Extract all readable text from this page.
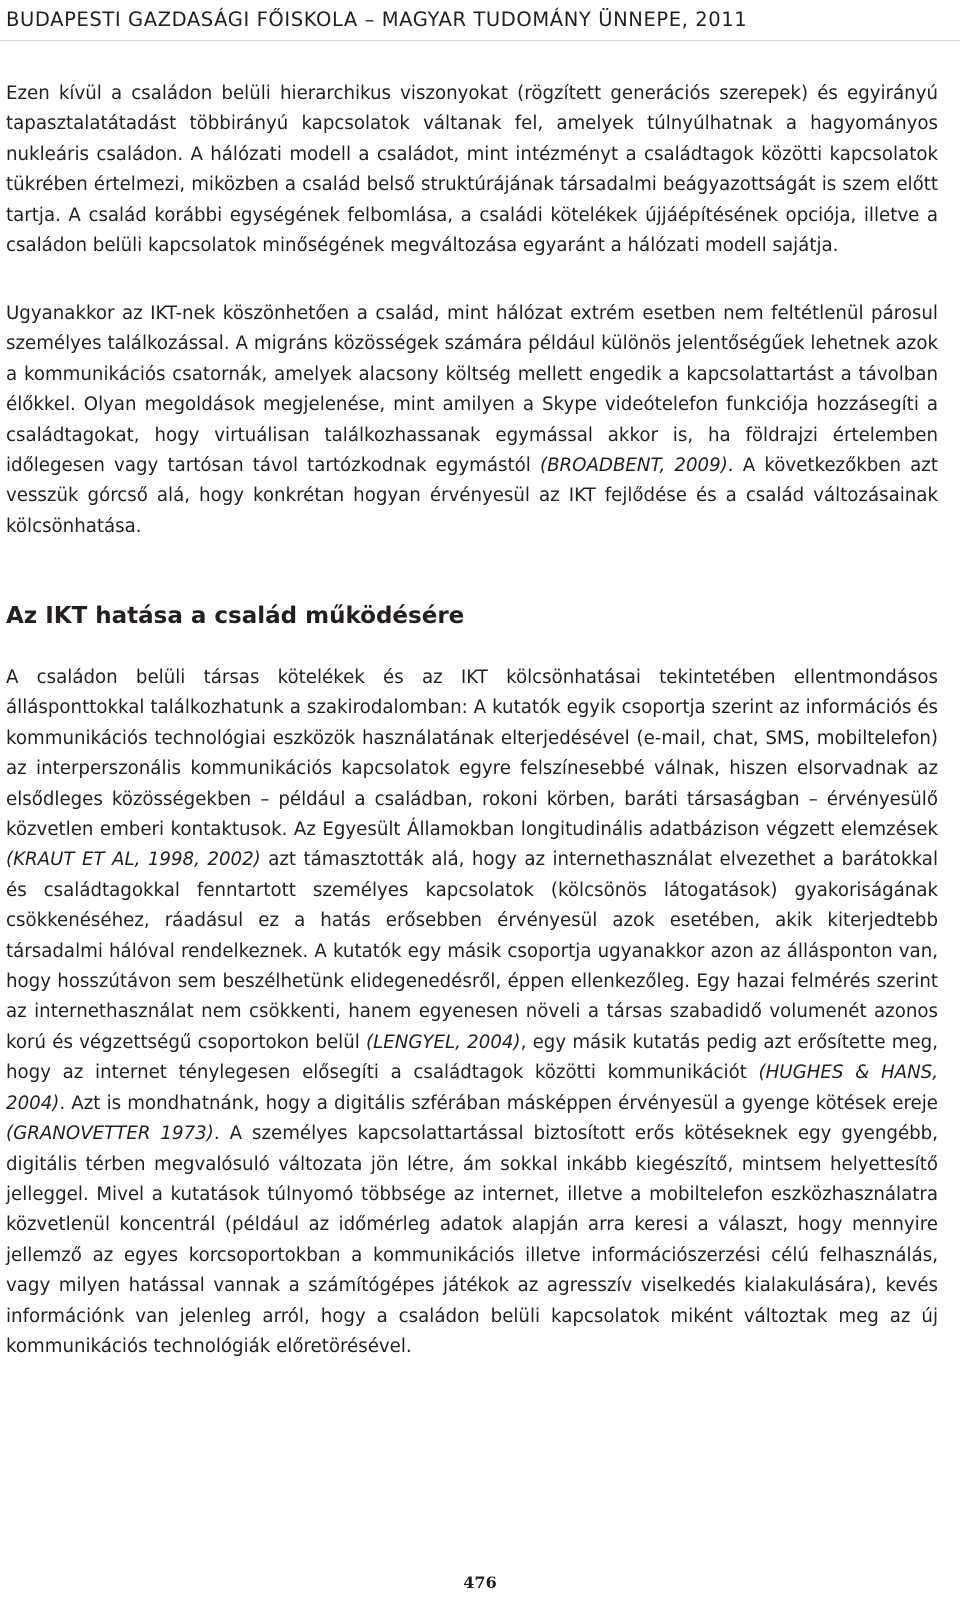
BUDAPESTI GAZDASÁGI FŐISKOLA – MAGYAR TUDOMÁNY ÜNNEPE, 2011

Ezen kívül a családon belüli hierarchikus viszonyokat (rögzített generációs szerepek) és egyirányú tapasztalatátadást többirányú kapcsolatok váltanak fel, amelyek túlnyúlhatnak a hagyományos nukleáris családon. A hálózati modell a családot, mint intézményt a családtagok közötti kapcsolatok tükrében értelmezi, miközben a család belső struktúrájának társadalmi beágyazottságát is szem előtt tartja. A család korábbi egységének felbomlása, a családi kötelékek újjáépítésének opciója, illetve a családon belüli kapcsolatok minőségének megváltozása egyaránt a hálózati modell sajátja.

Ugyanakkor az IKT-nek köszönhetően a család, mint hálózat extrém esetben nem feltétlenül párosul személyes találkozással. A migráns közösségek számára például különös jelentőségűek lehetnek azok a kommunikációs csatornák, amelyek alacsony költség mellett engedik a kapcsolattartást a távolban élőkkel. Olyan megoldások megjelenése, mint amilyen a Skype videótelefon funkciója hozzásegíti a családtagokat, hogy virtuálisan találkozhassanak egymással akkor is, ha földrajzi értelemben időlegesen vagy tartósan távol tartózkodnak egymástól (BROADBENT, 2009). A következőkben azt vesszük górcső alá, hogy konkrétan hogyan érvényesül az IKT fejlődése és a család változásainak kölcsönhatása.

Az IKT hatása a család működésére

A családon belüli társas kötelékek és az IKT kölcsönhatásai tekintetében ellentmondásos állásponttokkal találkozhatunk a szakirodalomban: A kutatók egyik csoportja szerint az információs és kommunikációs technológiai eszközök használatának elterjedésével (e-mail, chat, SMS, mobiltelefon) az interperszonális kommunikációs kapcsolatok egyre felszínesebbé válnak, hiszen elsorvadnak az elsődleges közösségekben – például a családban, rokoni körben, baráti társaságban – érvényesülő közvetlen emberi kontaktusok. Az Egyesült Államokban longitudinális adatbázison végzett elemzések (KRAUT ET AL, 1998, 2002) azt támasztották alá, hogy az internethasználat elvezethet a barátokkal és családtagokkal fenntartott személyes kapcsolatok (kölcsönös látogatások) gyakoriságának csökkenéséhez, ráadásul ez a hatás erősebben érvényesül azok esetében, akik kiterjedtebb társadalmi hálóval rendelkeznek. A kutatók egy másik csoportja ugyanakkor azon az állásponton van, hogy hosszútávon sem beszélhetünk elidegenedésről, éppen ellenkezőleg. Egy hazai felmérés szerint az internethasználat nem csökkenti, hanem egyenesen növeli a társas szabadidő volumenét azonos korú és végzettségű csoportokon belül (LENGYEL, 2004), egy másik kutatás pedig azt erősítette meg, hogy az internet ténylegesen elősegíti a családtagok közötti kommunikációt (HUGHES & HANS, 2004). Azt is mondhatnánk, hogy a digitális szférában másképpen érvényesül a gyenge kötések ereje (GRANOVETTER 1973). A személyes kapcsolattartással biztosított erős kötéseknek egy gyengébb, digitális térben megvalósuló változata jön létre, ám sokkal inkább kiegészítő, mintsem helyettesítő jelleggel. Mivel a kutatások túlnyomó többsége az internet, illetve a mobiltelefon eszközhasználatra közvetlenül koncentrál (például az időmérleg adatok alapján arra keresi a választ, hogy mennyire jellemző az egyes korcsoportokban a kommunikációs illetve információszerzési célú felhasználás, vagy milyen hatással vannak a számítógépes játékok az agresszív viselkedés kialakulására), kevés információnk van jelenleg arról, hogy a családon belüli kapcsolatok miként változtak meg az új kommunikációs technológiák előretörésével.

476
